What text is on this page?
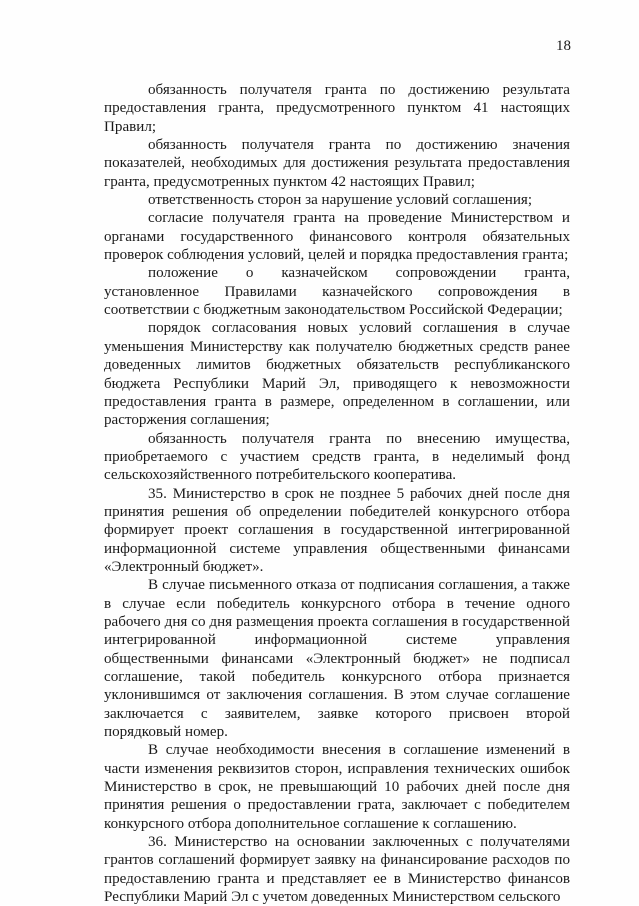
18

обязанность получателя гранта по достижению результата предоставления гранта, предусмотренного пунктом 41 настоящих Правил;

обязанность получателя гранта по достижению значения показателей, необходимых для достижения результата предоставления гранта, предусмотренных пунктом 42 настоящих Правил;

ответственность сторон за нарушение условий соглашения;

согласие получателя гранта на проведение Министерством и органами государственного финансового контроля обязательных проверок соблюдения условий, целей и порядка предоставления гранта;

положение о казначейском сопровождении гранта, установленное Правилами казначейского сопровождения в соответствии с бюджетным законодательством Российской Федерации;

порядок согласования новых условий соглашения в случае уменьшения Министерству как получателю бюджетных средств ранее доведенных лимитов бюджетных обязательств республиканского бюджета Республики Марий Эл, приводящего к невозможности предоставления гранта в размере, определенном в соглашении, или расторжения соглашения;

обязанность получателя гранта по внесению имущества, приобретаемого с участием средств гранта, в неделимый фонд сельскохозяйственного потребительского кооператива.

35. Министерство в срок не позднее 5 рабочих дней после дня принятия решения об определении победителей конкурсного отбора формирует проект соглашения в государственной интегрированной информационной системе управления общественными финансами «Электронный бюджет».

В случае письменного отказа от подписания соглашения, а также в случае если победитель конкурсного отбора в течение одного рабочего дня со дня размещения проекта соглашения в государственной интегрированной информационной системе управления общественными финансами «Электронный бюджет» не подписал соглашение, такой победитель конкурсного отбора признается уклонившимся от заключения соглашения. В этом случае соглашение заключается с заявителем, заявке которого присвоен второй порядковый номер.

В случае необходимости внесения в соглашение изменений в части изменения реквизитов сторон, исправления технических ошибок Министерство в срок, не превышающий 10 рабочих дней после дня принятия решения о предоставлении грата, заключает с победителем конкурсного отбора дополнительное соглашение к соглашению.

36. Министерство на основании заключенных с получателями грантов соглашений формирует заявку на финансирование расходов по предоставлению гранта и представляет ее в Министерство финансов Республики Марий Эл с учетом доведенных Министерством сельского
